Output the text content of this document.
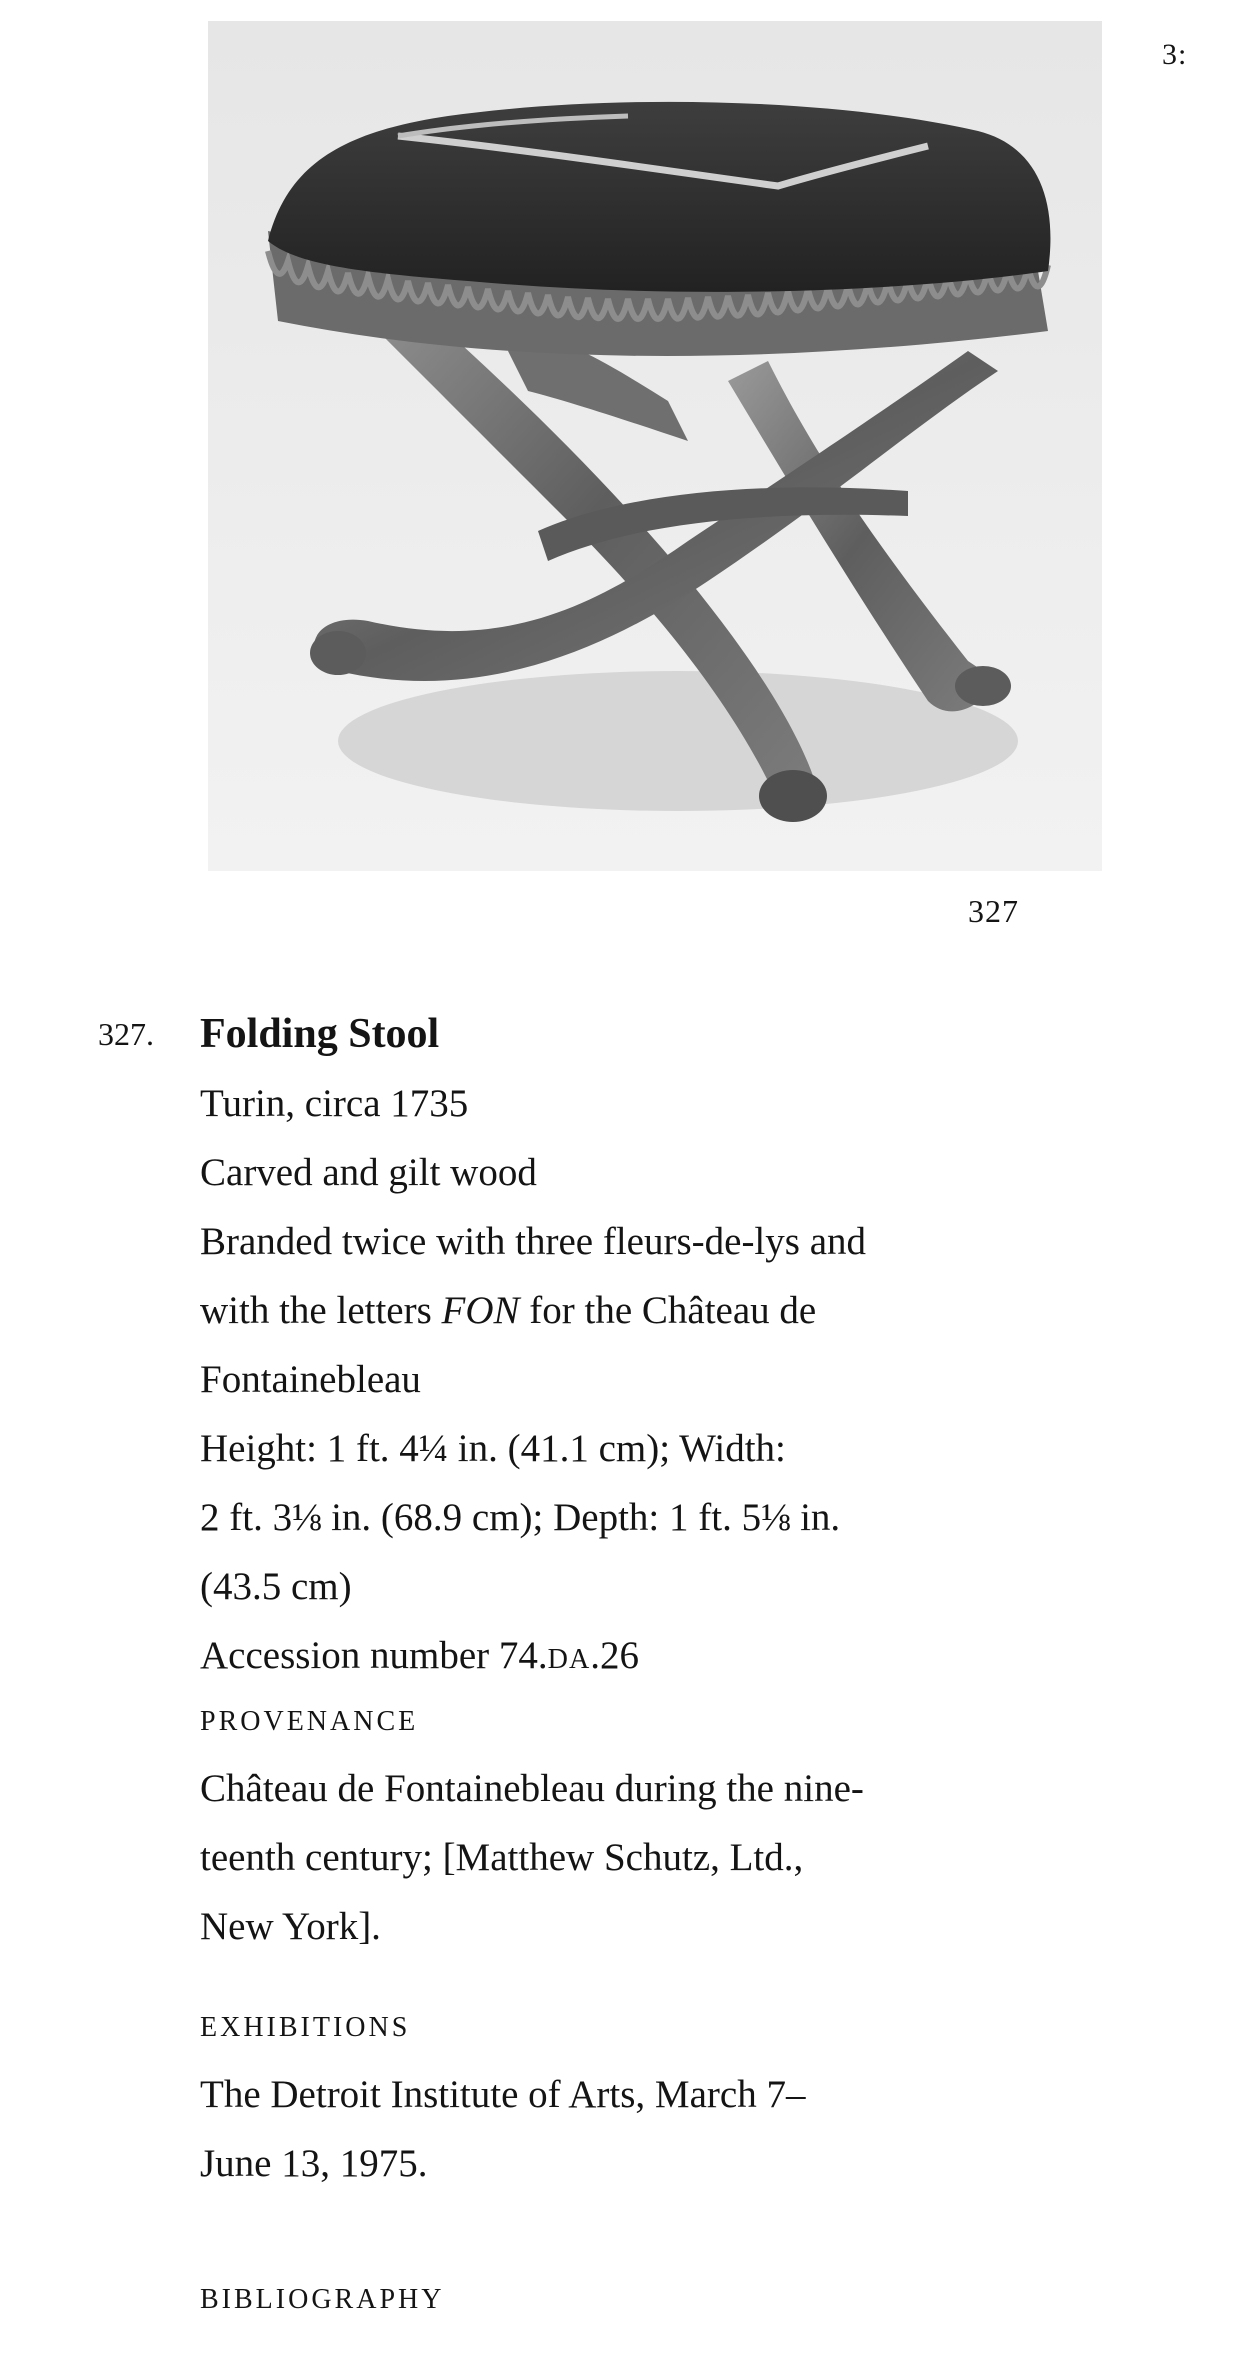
3:
327
327. Folding Stool
Turin, circa 1735
Carved and gilt wood
Branded twice with three fleurs-de-lys and
with the letters FON for the Château de
Fontainebleau
Height: 1 ft. 4¼ in. (41.1 cm); Width:
2 ft. 3⅛ in. (68.9 cm); Depth: 1 ft. 5⅛ in.
(43.5 cm)
Accession number 74.DA.26
PROVENANCE
Château de Fontainebleau during the nine-
teenth century; [Matthew Schutz, Ltd.,
New York].
EXHIBITIONS
The Detroit Institute of Arts, March 7–
June 13, 1975.
BIBLIOGRAPHY
